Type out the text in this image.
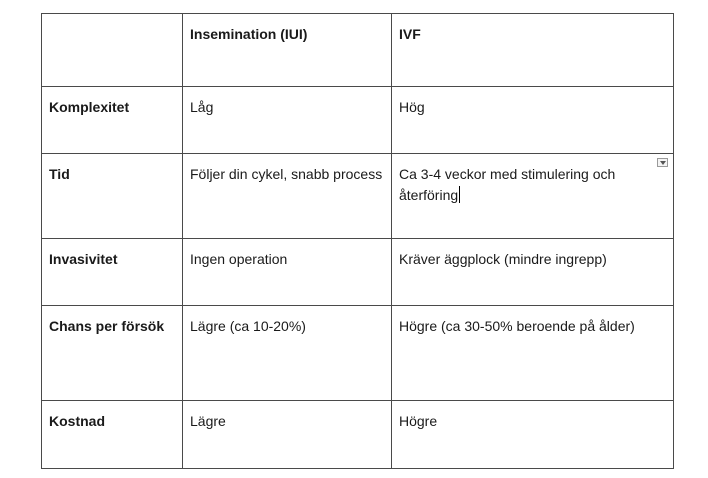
	Insemination (IUI)	IVF
Komplexitet	Låg	Hög
Tid	Följer din cykel, snabb process	Ca 3-4 veckor med stimulering och återföring

Invasivitet	Ingen operation	Kräver äggplock (mindre ingrepp)
Chans per försök	Lägre (ca 10-20%)	Högre (ca 30-50% beroende på ålder)
Kostnad	Lägre	Högre
